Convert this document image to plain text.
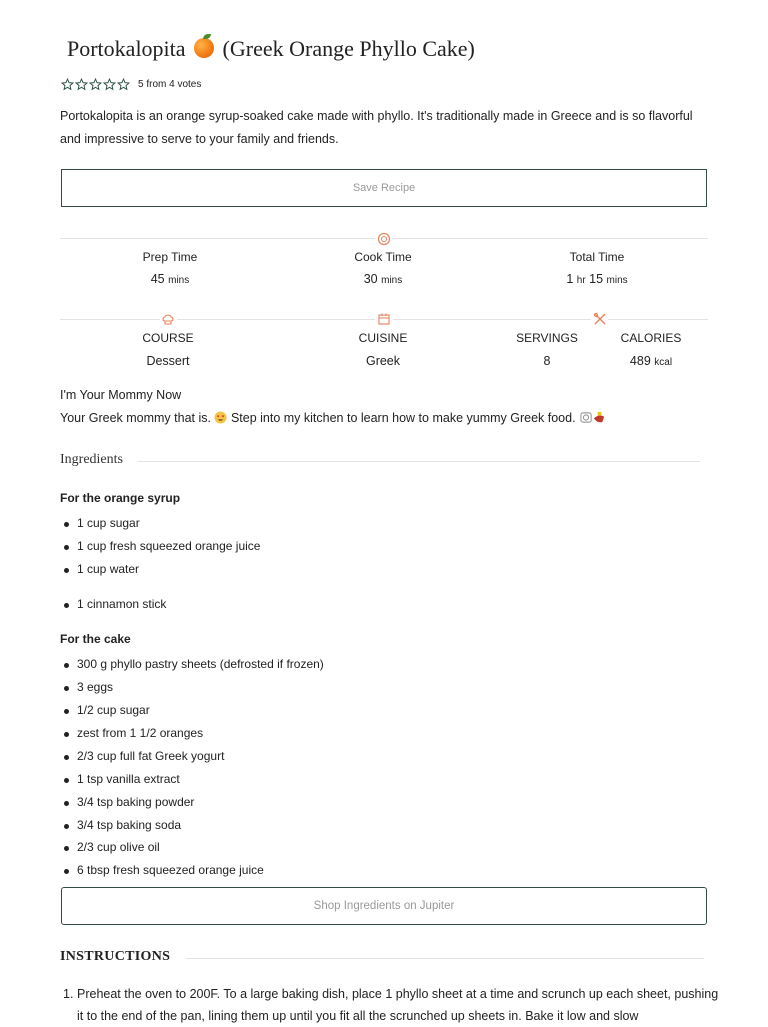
Portokalopita (Greek Orange Phyllo Cake)
5 from 4 votes
Portokalopita is an orange syrup-soaked cake made with phyllo. It's traditionally made in Greece and is so flavorful and impressive to serve to your family and friends.
Save Recipe
Prep Time
45 mins
Cook Time
30 mins
Total Time
1 hr 15 mins
COURSE
Dessert
CUISINE
Greek
SERVINGS
8
CALORIES
489 kcal
I'm Your Mommy Now
Your Greek mommy that is. Step into my kitchen to learn how to make yummy Greek food.
Ingredients
For the orange syrup
1 cup sugar
1 cup fresh squeezed orange juice
1 cup water
1 cinnamon stick
For the cake
300 g phyllo pastry sheets (defrosted if frozen)
3 eggs
1/2 cup sugar
zest from 1 1/2 oranges
2/3 cup full fat Greek yogurt
1 tsp vanilla extract
3/4 tsp baking powder
3/4 tsp baking soda
2/3 cup olive oil
6 tbsp fresh squeezed orange juice
Shop Ingredients on Jupiter
INSTRUCTIONS
1. Preheat the oven to 200F. To a large baking dish, place 1 phyllo sheet at a time and scrunch up each sheet, pushing it to the end of the pan, lining them up until you fit all the scrunched up sheets in. Bake it low and slow
